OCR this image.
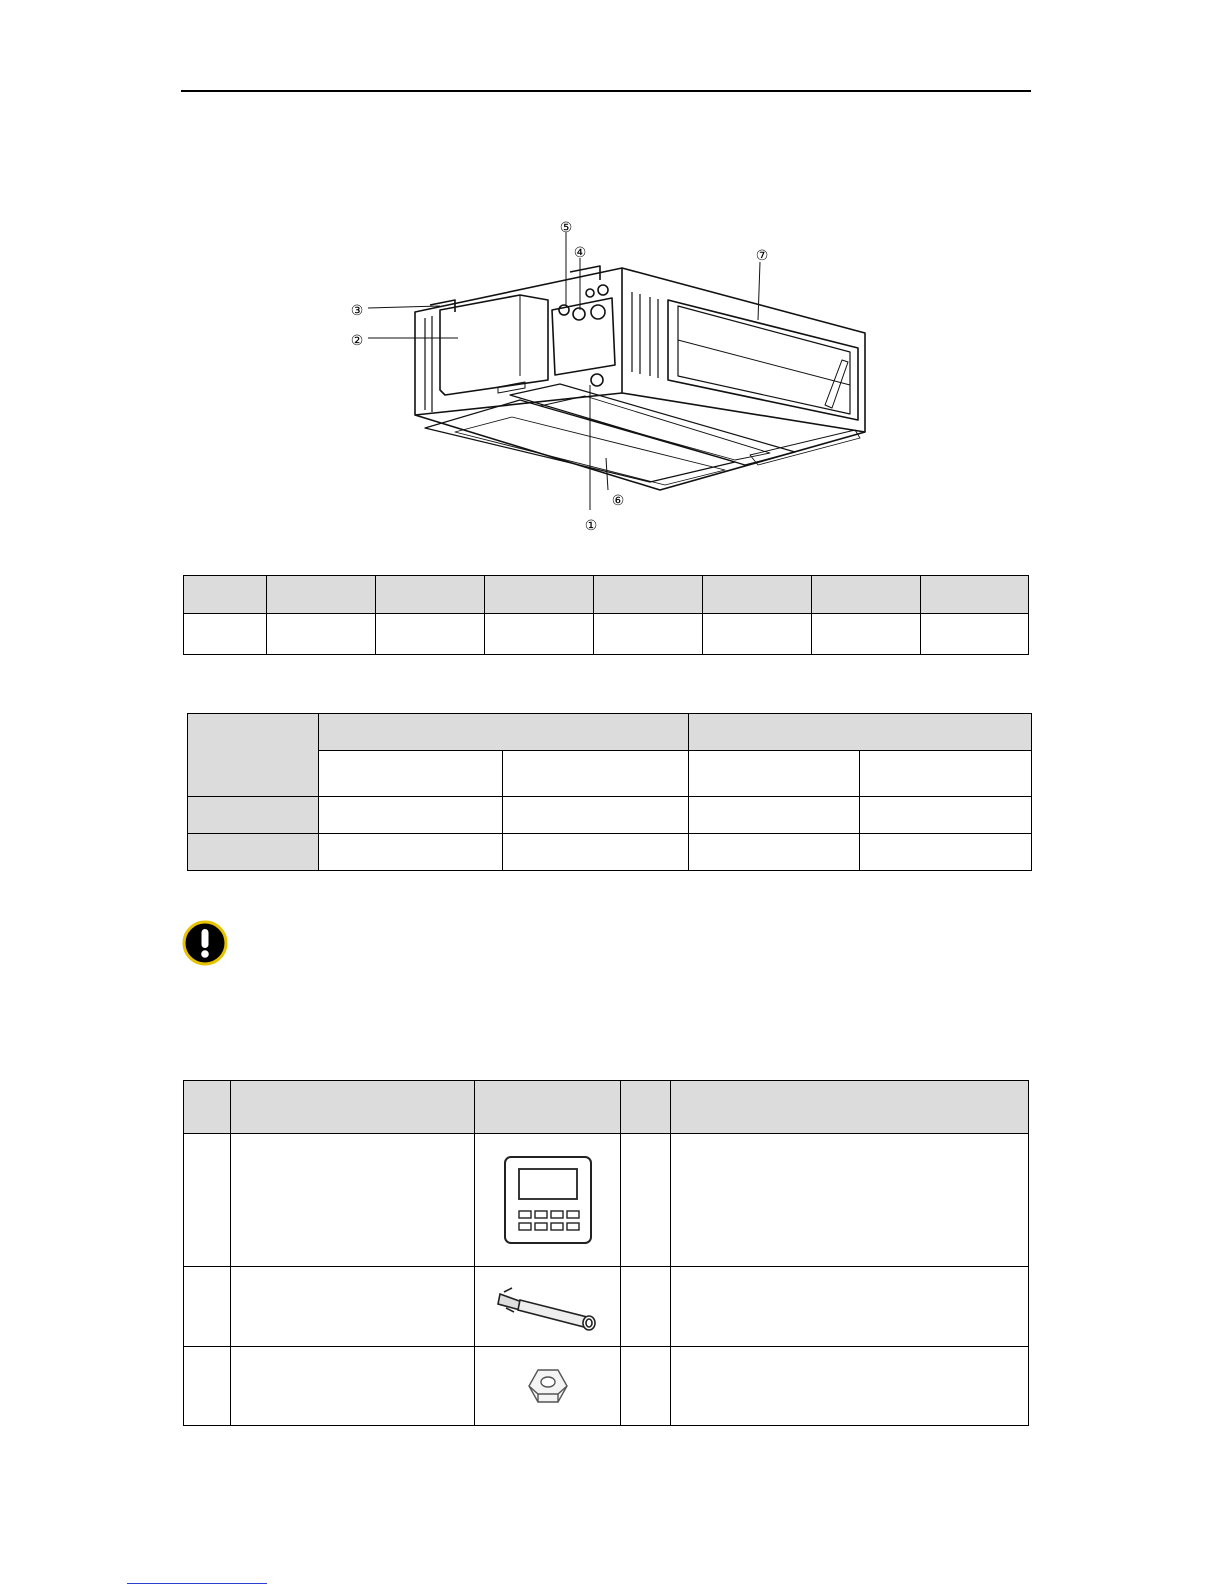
⑤
④
③
②
①
⑥
⑦
